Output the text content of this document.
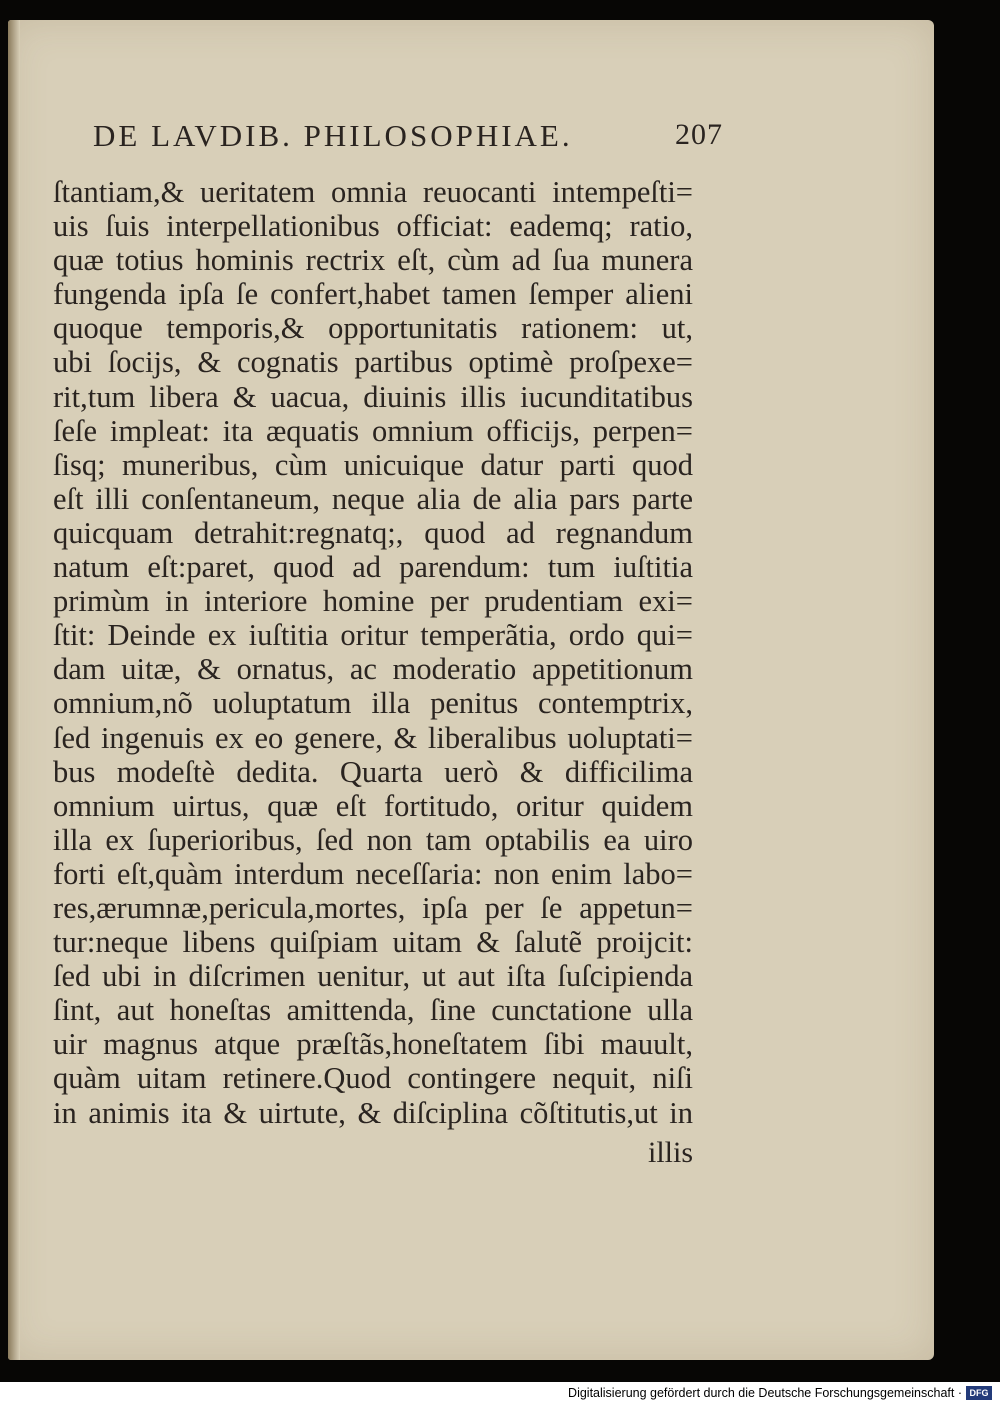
DE LAVDIB. PHILOSOPHIAE.	207
ſtantiam,& ueritatem omnia reuocanti intempeſti=
uis ſuis interpellationibus officiat: eademq; ratio,
quæ totius hominis rectrix eſt, cùm ad ſua munera
fungenda ipſa ſe confert,habet tamen ſemper alieni
quoque temporis,& opportunitatis rationem: ut,
ubi ſocijs, & cognatis partibus optimè proſpexe=
rit,tum libera & uacua, diuinis illis iucunditatibus
ſeſe impleat: ita æquatis omnium officijs, perpen=
ſisq; muneribus, cùm unicuique datur parti quod
eſt illi conſentaneum, neque alia de alia pars parte
quicquam detrahit:regnatq;, quod ad regnandum
natum eſt:paret, quod ad parendum: tum iuſtitia
primùm in interiore homine per prudentiam exi=
ſtit: Deinde ex iuſtitia oritur temperãtia, ordo qui=
dam uitæ, & ornatus, ac moderatio appetitionum
omnium,nõ uoluptatum illa penitus contemptrix,
ſed ingenuis ex eo genere, & liberalibus uoluptati=
bus modeſtè dedita. Quarta uerò & difficilima
omnium uirtus, quæ eſt fortitudo, oritur quidem
illa ex ſuperioribus, ſed non tam optabilis ea uiro
forti eſt,quàm interdum neceſſaria: non enim labo=
res,ærumnæ,pericula,mortes, ipſa per ſe appetun=
tur:neque libens quiſpiam uitam & ſalutẽ proijcit:
ſed ubi in diſcrimen uenitur, ut aut iſta ſuſcipienda
ſint, aut honeſtas amittenda, ſine cunctatione ulla
uir magnus atque præſtãs,honeſtatem ſibi mauult,
quàm uitam retinere.Quod contingere nequit, niſi
in animis ita & uirtute, & diſciplina cõſtitutis,ut in
illis
Digitalisierung gefördert durch die Deutsche Forschungsgemeinschaft · DFG
